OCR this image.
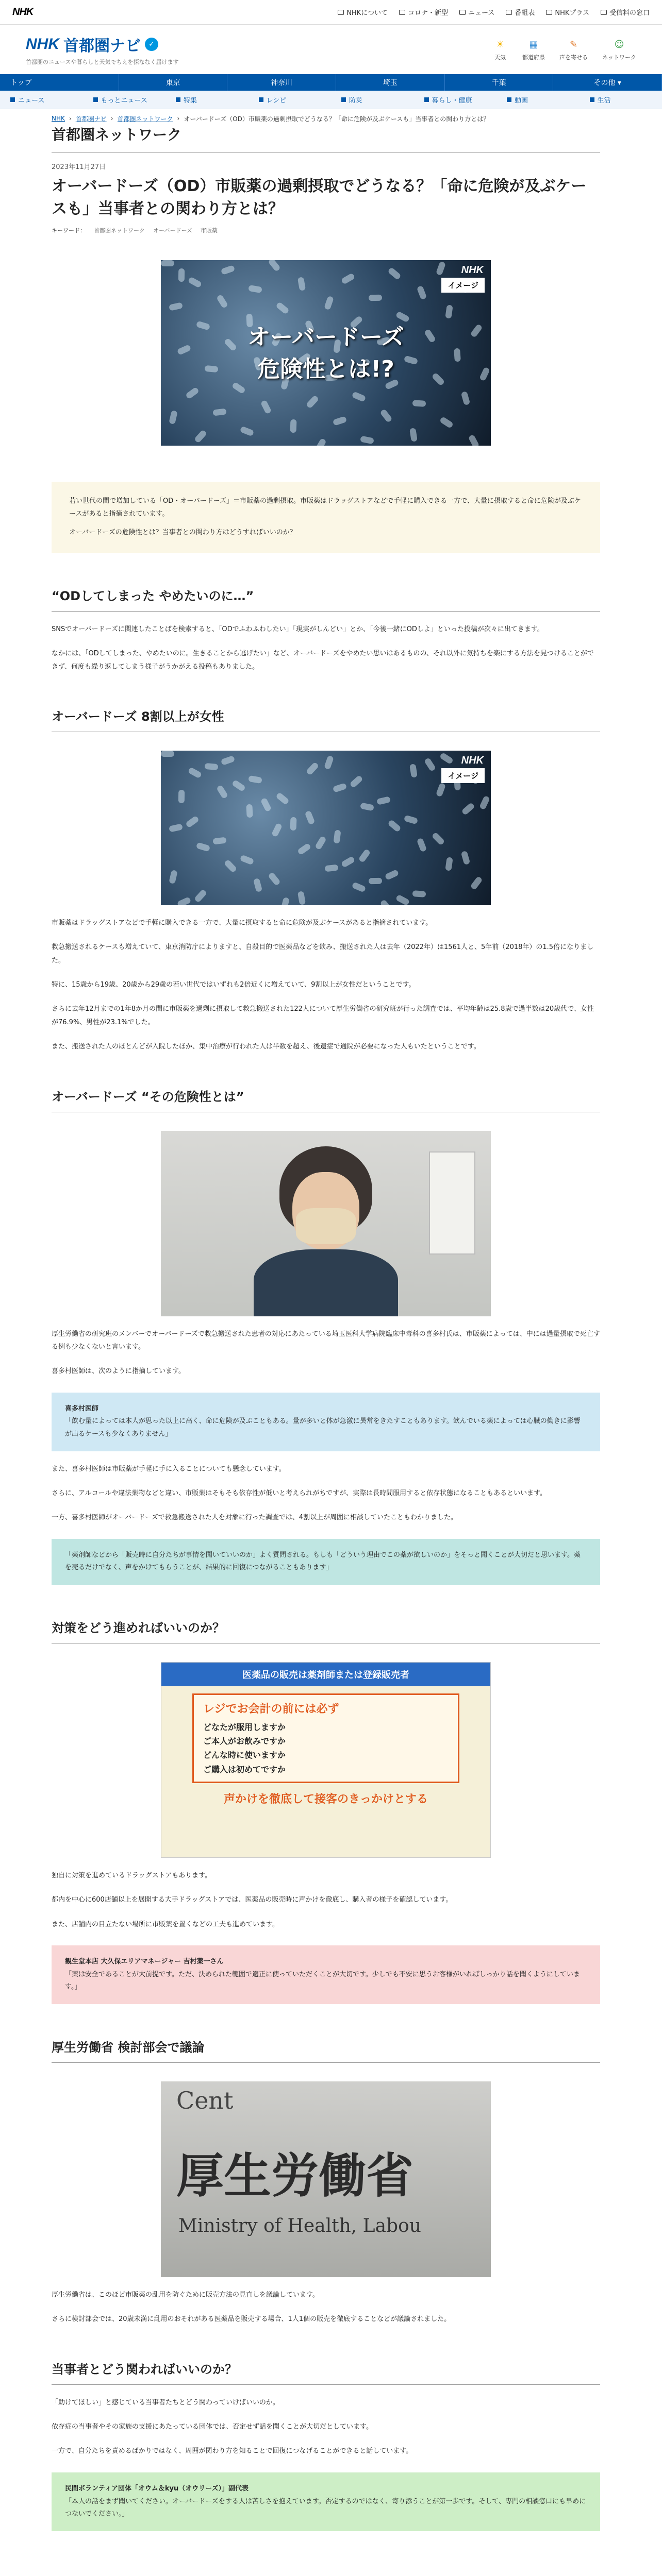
NHK	NHKについて	コロナ・新型	ニュース	番組表	NHKプラス	受信料の窓口
NHK 首都圏ナビ	✓
首都圏のニュースや暮らしと天気でちえを探ななく届けます
☀
天気
▦
都道府県
✎
声を寄せる
☺
ネットワーク
トップ	東京	神奈川	埼玉	千葉	その他 ▾
ニュース	もっとニュース	特集	レシピ	防災	暮らし・健康	動画	生活
NHK › 首都圏ナビ › 首都圏ネットワーク › オーバードーズ（OD）市販薬の過剰摂取でどうなる？「命に危険が及ぶケースも」当事者との関わり方とは？
首都圏ネットワーク
2023年11月27日
オーバードーズ（OD）市販薬の過剰摂取でどうなる？「命に危険が及ぶケースも」当事者との関わり方とは？
キーワード： 首都圏ネットワーク オーバードーズ 市販薬
NHK
イメージ
オーバードーズ
危険性とは!?

若い世代の間で増加している「OD・オーバードーズ」＝市販薬の過剰摂取。市販薬はドラッグストアなどで手軽に購入できる一方で、大量に摂取すると命に危険が及ぶケースがあると指摘されています。

オーバードーズの危険性とは？当事者との関わり方はどうすればいいのか？

“ODしてしまった やめたいのに…”

SNSでオーバードーズに関連したことばを検索すると、「ODでふわふわしたい」「現実がしんどい」とか、「今後一緒にODしよ」といった投稿が次々に出てきます。

なかには、「ODしてしまった、やめたいのに。生きることから逃げたい」など、オーバードーズをやめたい思いはあるものの、それ以外に気持ちを楽にする方法を見つけることができず、何度も繰り返してしまう様子がうかがえる投稿もありました。

オーバードーズ 8割以上が女性
NHK
イメージ

市販薬はドラッグストアなどで手軽に購入できる一方で、大量に摂取すると命に危険が及ぶケースがあると指摘されています。

救急搬送されるケースも増えていて、東京消防庁によりますと、自殺目的で医薬品などを飲み、搬送された人は去年（2022年）は1561人と、5年前（2018年）の1.5倍になりました。

特に、15歳から19歳、20歳から29歳の若い世代ではいずれも2倍近くに増えていて、9割以上が女性だということです。

さらに去年12月までの1年8か月の間に市販薬を過剰に摂取して救急搬送された122人について厚生労働省の研究班が行った調査では、平均年齢は25.8歳で過半数は20歳代で、女性が76.9%、男性が23.1%でした。

また、搬送された人のほとんどが入院したほか、集中治療が行われた人は半数を超え、後遺症で通院が必要になった人もいたということです。

オーバードーズ “その危険性とは”

厚生労働省の研究班のメンバーでオーバードーズで救急搬送された患者の対応にあたっている埼玉医科大学病院臨床中毒科の喜多村氏は、市販薬によっては、中には過量摂取で死亡する例も少なくないと言います。

喜多村医師は、次のように指摘しています。

喜多村医師
「飲む量によっては本人が思った以上に高く、命に危険が及ぶこともある。量が多いと体が急激に異常をきたすこともあります。飲んでいる薬によっては心臓の働きに影響が出るケースも少なくありません」

また、喜多村医師は市販薬が手軽に手に入ることについても懸念しています。

さらに、アルコールや違法薬物などと違い、市販薬はそもそも依存性が低いと考えられがちですが、実際は長時間服用すると依存状態になることもあるといいます。

一方、喜多村医師がオーバードーズで救急搬送された人を対象に行った調査では、4割以上が周囲に相談していたこともわかりました。

「薬剤師などから「販売時に自分たちが事情を聞いていいのか」よく質問される。もしも「どういう理由でこの薬が欲しいのか」をそっと聞くことが大切だと思います。薬を売るだけでなく、声をかけてもらうことが、結果的に回復につながることもあります」
対策をどう進めればいいのか？
医薬品の販売は薬剤師または登録販売者
レジでお会計の前には必ず
どなたが服用しますか
ご本人がお飲みですか
どんな時に使いますか
ご購入は初めてですか
声かけを徹底して接客のきっかけとする

独自に対策を進めているドラッグストアもあります。

都内を中心に600店舗以上を展開する大手ドラッグストアでは、医薬品の販売時に声かけを徹底し、購入者の様子を確認しています。

また、店舗内の目立たない場所に市販薬を置くなどの工夫も進めています。

観生堂本店 大久保エリアマネージャー 吉村薬一さん
「薬は安全であることが大前提です。ただ、決められた範囲で適正に使っていただくことが大切です。少しでも不安に思うお客様がいればしっかり話を聞くようにしています。」
厚生労働省 検討部会で議論
Cent
厚生労働省
Ministry of Health, Labou

厚生労働省は、このほど市販薬の乱用を防ぐために販売方法の見直しを議論しています。

さらに検討部会では、20歳未満に乱用のおそれがある医薬品を販売する場合、1人1個の販売を徹底することなどが議論されました。

当事者とどう関わればいいのか？

「助けてほしい」と感じている当事者たちとどう関わっていけばいいのか。

依存症の当事者やその家族の支援にあたっている団体では、否定せず話を聞くことが大切だとしています。

一方で、自分たちを責めるばかりではなく、周囲が関わり方を知ることで回復につなげることができると話しています。

民間ボランティア団体「オウム＆kyu（オウリーズ）」副代表
「本人の話をまず聞いてください。オーバードーズをする人は苦しさを抱えています。否定するのではなく、寄り添うことが第一歩です。そして、専門の相談窓口にも早めにつないでください。」
